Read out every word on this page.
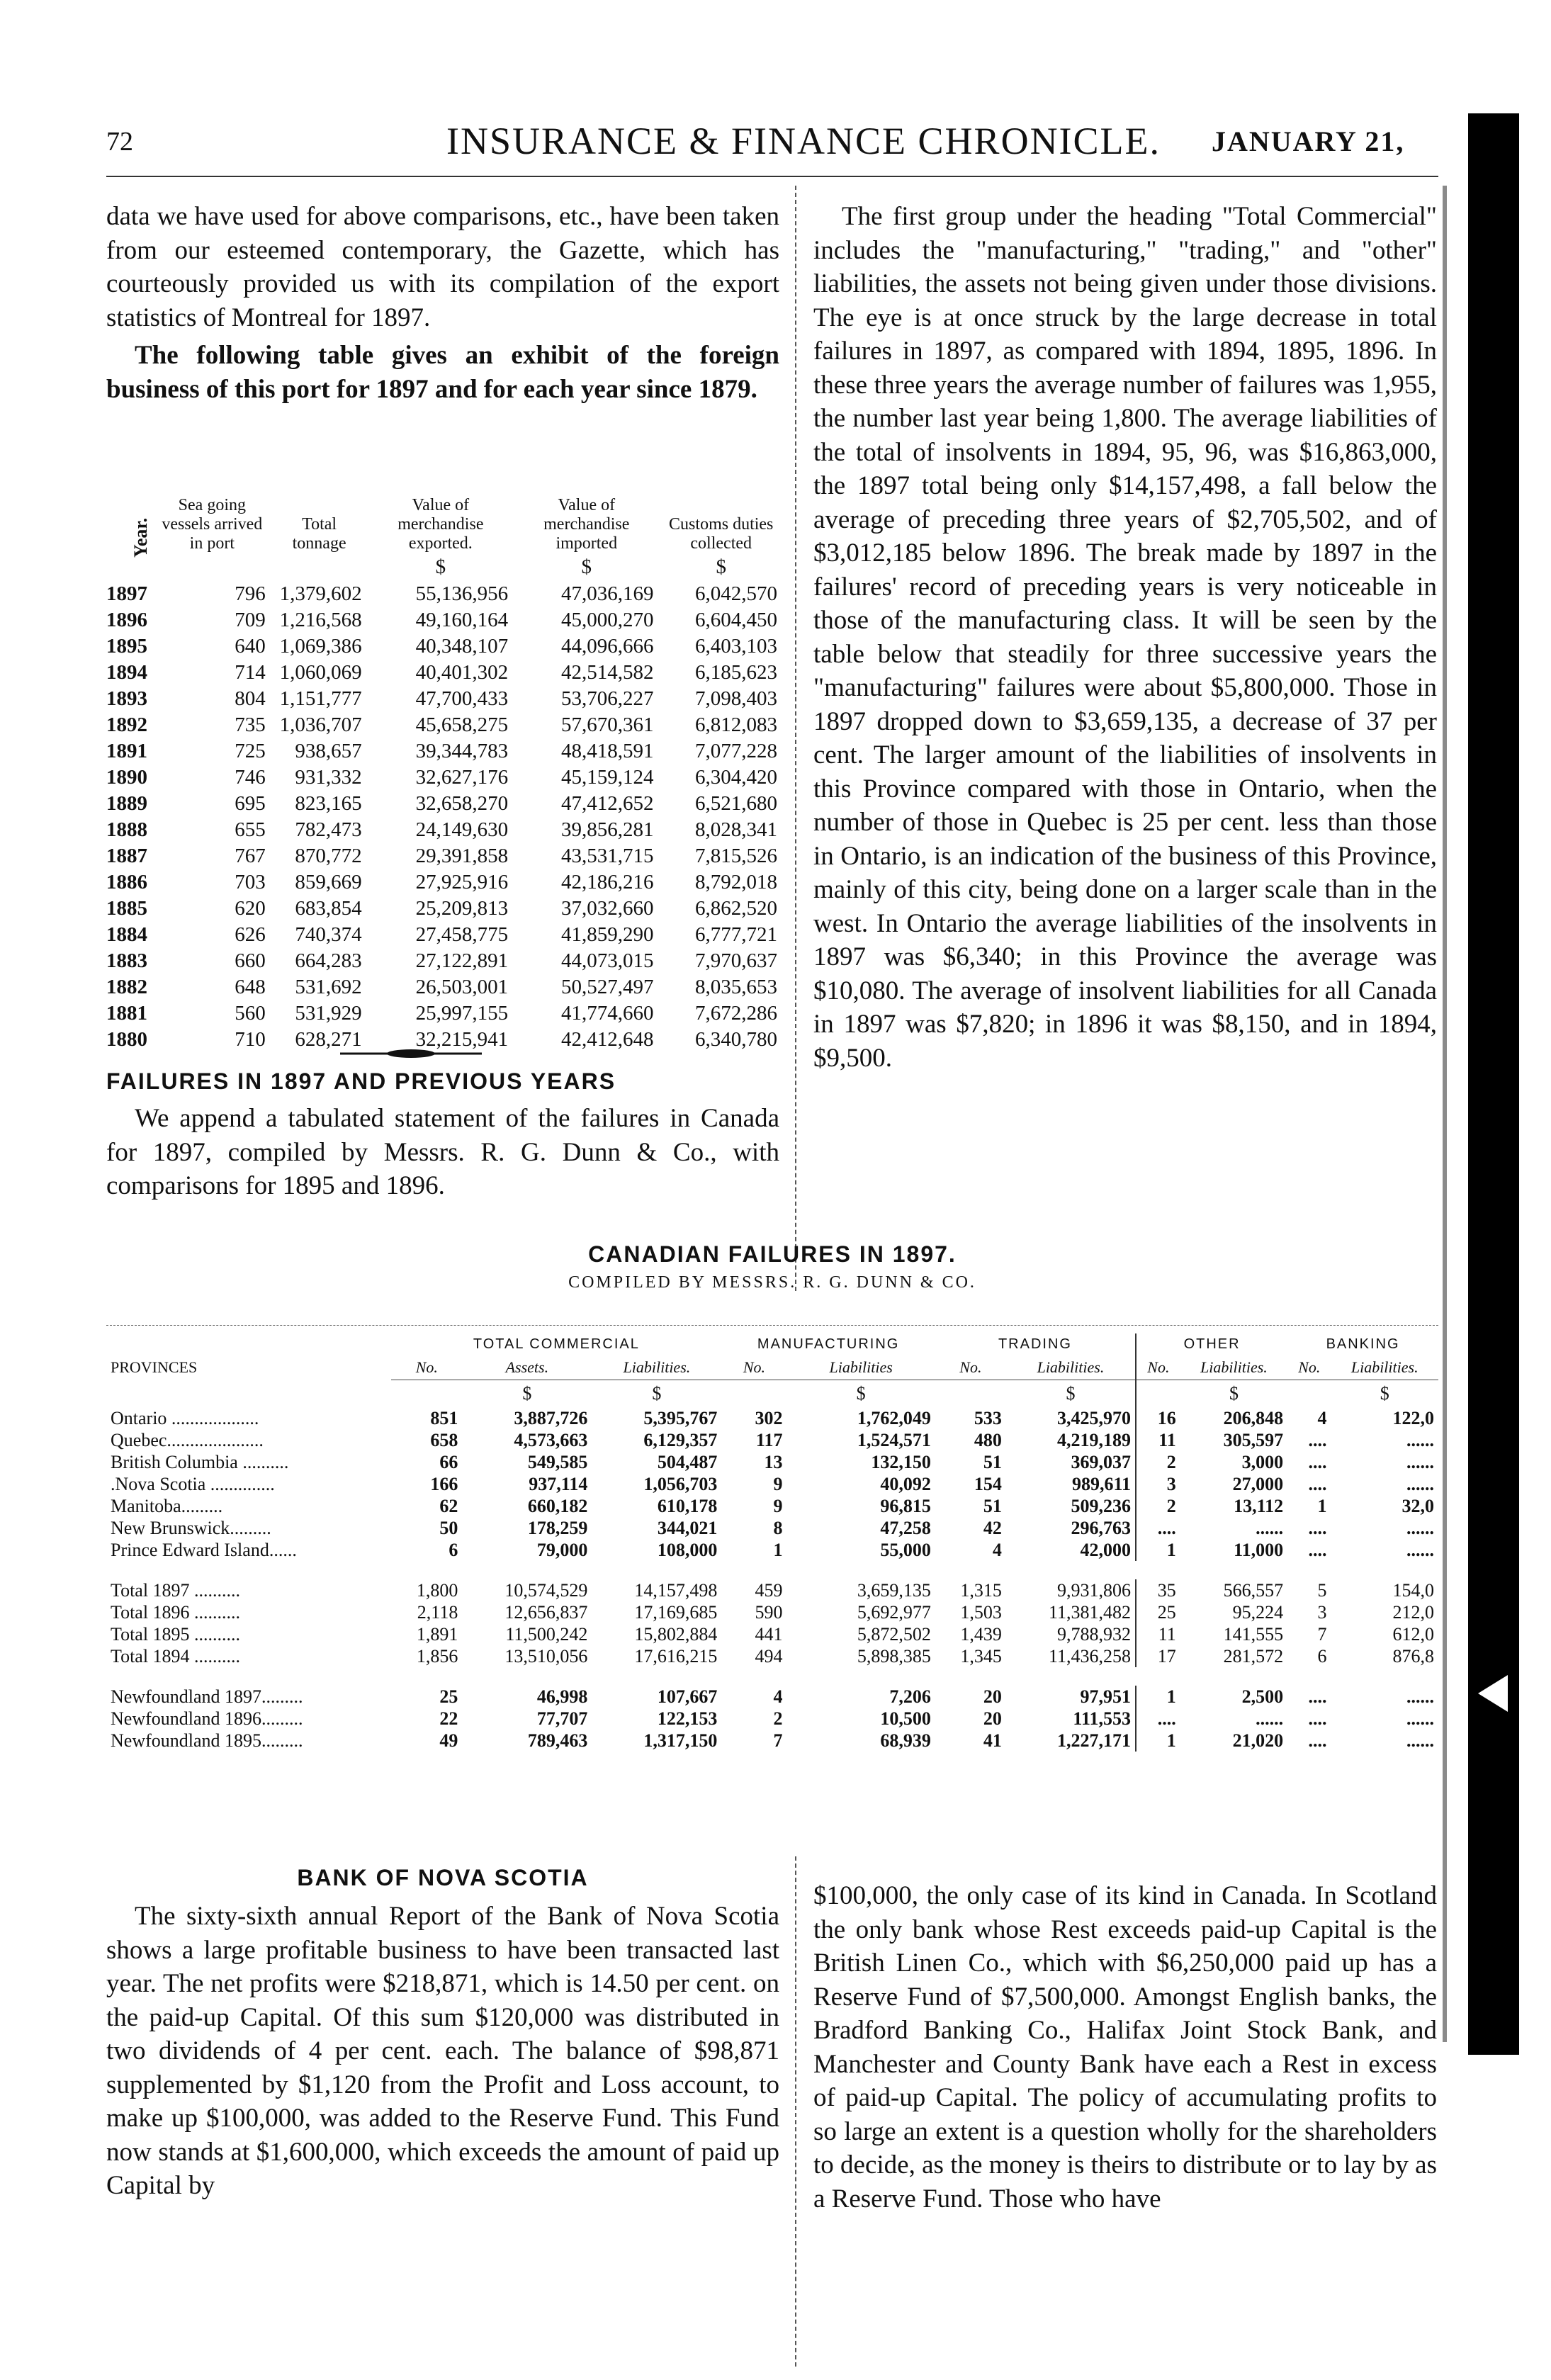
72	INSURANCE & FINANCE CHRONICLE. JANUARY 21,

data we have used for above comparisons, etc., have been taken from our esteemed contemporary, the Gazette, which has courteously provided us with its compilation of the export statistics of Montreal for 1897.

The following table gives an exhibit of the foreign business of this port for 1897 and for each year since 1879.

Year.	Sea going vessels arrived in port	Total tonnage	Value of merchandise exported.	Value of merchandise imported	Customs duties collected
			$	$	$
1897	796	1,379,602	55,136,956	47,036,169	6,042,570
1896	709	1,216,568	49,160,164	45,000,270	6,604,450
1895	640	1,069,386	40,348,107	44,096,666	6,403,103
1894	714	1,060,069	40,401,302	42,514,582	6,185,623
1893	804	1,151,777	47,700,433	53,706,227	7,098,403
1892	735	1,036,707	45,658,275	57,670,361	6,812,083
1891	725	938,657	39,344,783	48,418,591	7,077,228
1890	746	931,332	32,627,176	45,159,124	6,304,420
1889	695	823,165	32,658,270	47,412,652	6,521,680
1888	655	782,473	24,149,630	39,856,281	8,028,341
1887	767	870,772	29,391,858	43,531,715	7,815,526
1886	703	859,669	27,925,916	42,186,216	8,792,018
1885	620	683,854	25,209,813	37,032,660	6,862,520
1884	626	740,374	27,458,775	41,859,290	6,777,721
1883	660	664,283	27,122,891	44,073,015	7,970,637
1882	648	531,692	26,503,001	50,527,497	8,035,653
1881	560	531,929	25,997,155	41,774,660	7,672,286
1880	710	628,271	32,215,941	42,412,648	6,340,780

FAILURES IN 1897 AND PREVIOUS YEARS

We append a tabulated statement of the failures in Canada for 1897, compiled by Messrs. R. G. Dunn & Co., with comparisons for 1895 and 1896.

The first group under the heading "Total Commercial" includes the "manufacturing," "trading," and "other" liabilities, the assets not being given under those divisions. The eye is at once struck by the large decrease in total failures in 1897, as compared with 1894, 1895, 1896. In these three years the average number of failures was 1,955, the number last year being 1,800. The average liabilities of the total of insolvents in 1894, 95, 96, was $16,863,000, the 1897 total being only $14,157,498, a fall below the average of preceding three years of $2,705,502, and of $3,012,185 below 1896. The break made by 1897 in the failures' record of preceding years is very noticeable in those of the manufacturing class. It will be seen by the table below that steadily for three successive years the "manufacturing" failures were about $5,800,000. Those in 1897 dropped down to $3,659,135, a decrease of 37 per cent. The larger amount of the liabilities of insolvents in this Province compared with those in Ontario, when the number of those in Quebec is 25 per cent. less than those in Ontario, is an indication of the business of this Province, mainly of this city, being done on a larger scale than in the west. In Ontario the average liabilities of the insolvents in 1897 was $6,340; in this Province the average was $10,080. The average of insolvent liabilities for all Canada in 1897 was $7,820; in 1896 it was $8,150, and in 1894, $9,500.

CANADIAN FAILURES IN 1897.

COMPILED BY MESSRS. R. G. DUNN & CO.

	TOTAL COMMERCIAL			MANUFACTURING		TRADING		OTHER		BANKING	
PROVINCES	No.	Assets.	Liabilities.	No.	Liabilities	No.	Liabilities.	No.	Liabilities.	No.	Liabilities.
		$	$		$		$		$		$
Ontario ...................	851	3,887,726	5,395,767	302	1,762,049	533	3,425,970	16	206,848	4	122,0
Quebec.....................	658	4,573,663	6,129,357	117	1,524,571	480	4,219,189	11	305,597	....	......
British Columbia ..........	66	549,585	504,487	13	132,150	51	369,037	2	3,000	....	......
.Nova Scotia ..............	166	937,114	1,056,703	9	40,092	154	989,611	3	27,000	....	......
Manitoba.........	62	660,182	610,178	9	96,815	51	509,236	2	13,112	1	32,0
New Brunswick.........	50	178,259	344,021	8	47,258	42	296,763	....	......	....	......
Prince Edward Island......	6	79,000	108,000	1	55,000	4	42,000	1	11,000	....	......

Total 1897 ..........	1,800	10,574,529	14,157,498	459	3,659,135	1,315	9,931,806	35	566,557	5	154,0
Total 1896 ..........	2,118	12,656,837	17,169,685	590	5,692,977	1,503	11,381,482	25	95,224	3	212,0
Total 1895 ..........	1,891	11,500,242	15,802,884	441	5,872,502	1,439	9,788,932	11	141,555	7	612,0
Total 1894 ..........	1,856	13,510,056	17,616,215	494	5,898,385	1,345	11,436,258	17	281,572	6	876,8

Newfoundland 1897.........	25	46,998	107,667	4	7,206	20	97,951	1	2,500	....	......
Newfoundland 1896.........	22	77,707	122,153	2	10,500	20	111,553	....	......	....	......
Newfoundland 1895.........	49	789,463	1,317,150	7	68,939	41	1,227,171	1	21,020	....	......

BANK OF NOVA SCOTIA

The sixty-sixth annual Report of the Bank of Nova Scotia shows a large profitable business to have been transacted last year. The net profits were $218,871, which is 14.50 per cent. on the paid-up Capital. Of this sum $120,000 was distributed in two dividends of 4 per cent. each. The balance of $98,871 supplemented by $1,120 from the Profit and Loss account, to make up $100,000, was added to the Reserve Fund. This Fund now stands at $1,600,000, which exceeds the amount of paid up Capital by

$100,000, the only case of its kind in Canada. In Scotland the only bank whose Rest exceeds paid-up Capital is the British Linen Co., which with $6,250,000 paid up has a Reserve Fund of $7,500,000. Amongst English banks, the Bradford Banking Co., Halifax Joint Stock Bank, and Manchester and County Bank have each a Rest in excess of paid-up Capital. The policy of accumulating profits to so large an extent is a question wholly for the shareholders to decide, as the money is theirs to distribute or to lay by as a Reserve Fund. Those who have
